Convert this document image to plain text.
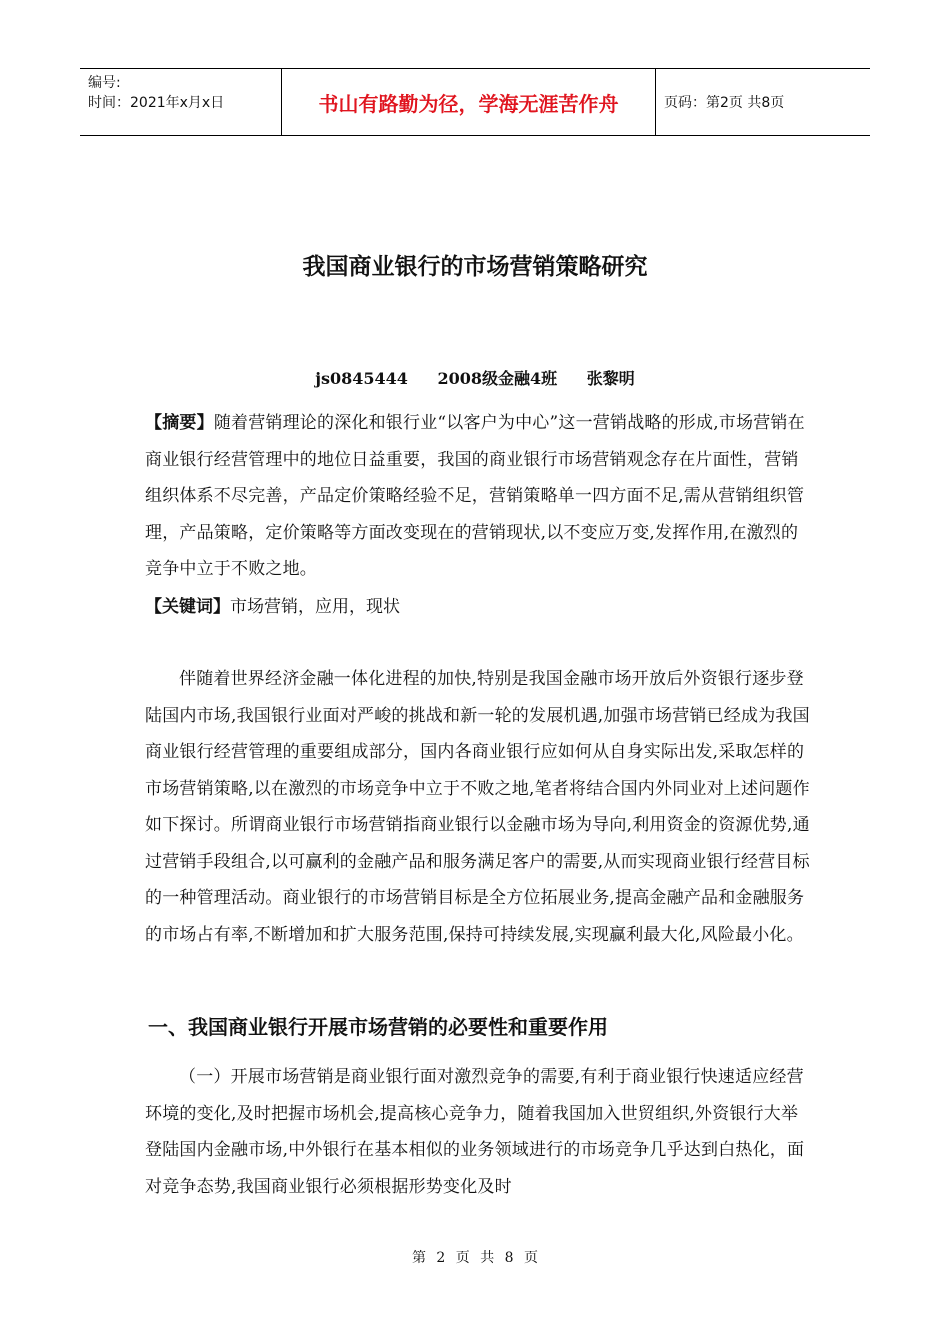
编号:
时间：2021年x月x日	书山有路勤为径，学海无涯苦作舟	页码：第2页 共8页
我国商业银行的市场营销策略研究
js0845444 2008级金融4班 张黎明

【摘要】随着营销理论的深化和银行业“以客户为中心”这一营销战略的形成,市场营销在商业银行经营管理中的地位日益重要，我国的商业银行市场营销观念存在片面性，营销组织体系不尽完善，产品定价策略经验不足，营销策略单一四方面不足,需从营销组织管理，产品策略，定价策略等方面改变现在的营销现状,以不变应万变,发挥作用,在激烈的竞争中立于不败之地。

【关键词】市场营销，应用，现状

伴随着世界经济金融一体化进程的加快,特别是我国金融市场开放后外资银行逐步登陆国内市场,我国银行业面对严峻的挑战和新一轮的发展机遇,加强市场营销已经成为我国商业银行经营管理的重要组成部分，国内各商业银行应如何从自身实际出发,采取怎样的市场营销策略,以在激烈的市场竞争中立于不败之地,笔者将结合国内外同业对上述问题作如下探讨。所谓商业银行市场营销指商业银行以金融市场为导向,利用资金的资源优势,通过营销手段组合,以可赢利的金融产品和服务满足客户的需要,从而实现商业银行经营目标的一种管理活动。商业银行的市场营销目标是全方位拓展业务,提高金融产品和金融服务的市场占有率,不断增加和扩大服务范围,保持可持续发展,实现赢利最大化,风险最小化。

一、我国商业银行开展市场营销的必要性和重要作用

（一）开展市场营销是商业银行面对激烈竞争的需要,有利于商业银行快速适应经营环境的变化,及时把握市场机会,提高核心竞争力，随着我国加入世贸组织,外资银行大举登陆国内金融市场,中外银行在基本相似的业务领域进行的市场竞争几乎达到白热化，面对竞争态势,我国商业银行必须根据形势变化及时

第 2 页 共 8 页
